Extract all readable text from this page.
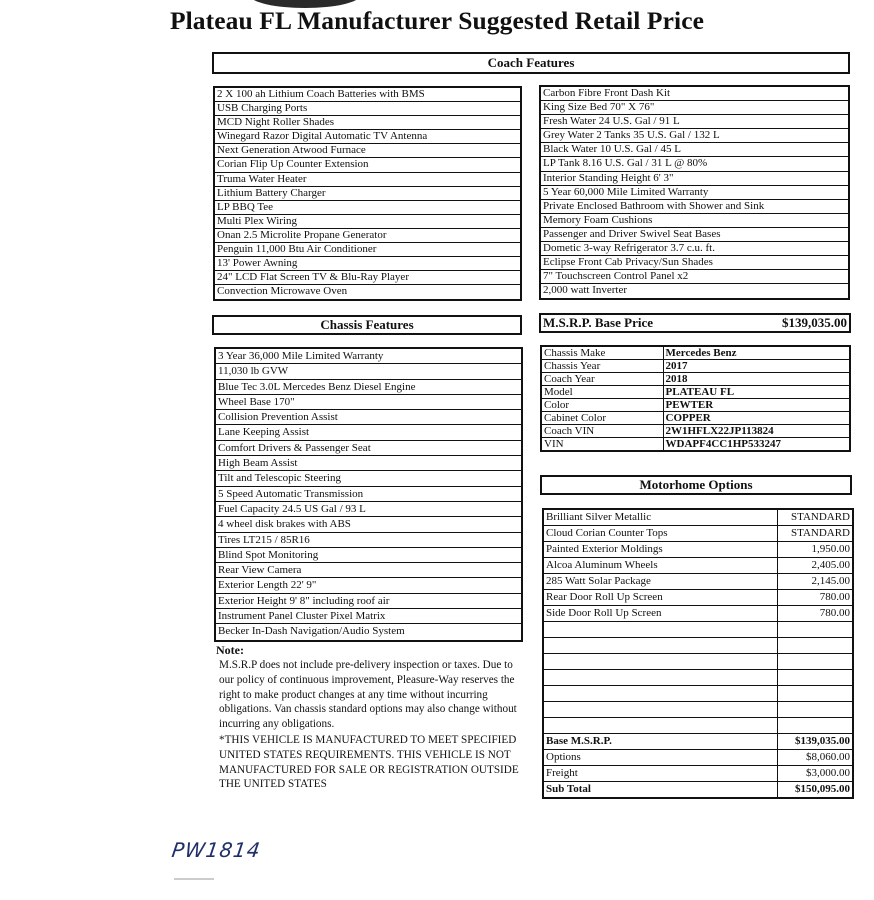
Plateau FL Manufacturer Suggested Retail Price
Coach Features
2 X 100 ah Lithium Coach Batteries with BMS
USB Charging Ports
MCD Night Roller Shades
Winegard Razor Digital Automatic TV Antenna
Next Generation Atwood Furnace
Corian Flip Up Counter Extension
Truma Water Heater
Lithium Battery Charger
LP BBQ Tee
Multi Plex Wiring
Onan 2.5 Microlite Propane Generator
Penguin 11,000 Btu Air Conditioner
13' Power Awning
24" LCD Flat Screen TV & Blu-Ray Player
Convection Microwave Oven
Carbon Fibre Front Dash Kit
King Size Bed 70" X 76"
Fresh Water 24 U.S. Gal / 91 L
Grey Water 2 Tanks 35 U.S. Gal / 132 L
Black Water 10 U.S. Gal / 45 L
LP Tank 8.16 U.S. Gal / 31 L @ 80%
Interior Standing Height 6' 3"
5 Year 60,000 Mile Limited Warranty
Private Enclosed Bathroom with Shower and Sink
Memory Foam Cushions
Passenger and Driver Swivel Seat Bases
Dometic 3-way Refrigerator 3.7 c.u. ft.
Eclipse Front Cab Privacy/Sun Shades
7" Touchscreen Control Panel x2
2,000 watt Inverter
Chassis Features	M.S.R.P. Base Price	$139,035.00
3 Year 36,000 Mile Limited Warranty
11,030 lb GVW
Blue Tec 3.0L Mercedes Benz Diesel Engine
Wheel Base 170"
Collision Prevention Assist
Lane Keeping Assist
Comfort Drivers & Passenger Seat
High Beam Assist
Tilt and Telescopic Steering
5 Speed Automatic Transmission
Fuel Capacity 24.5 US Gal / 93 L
4 wheel disk brakes with ABS
Tires LT215 / 85R16
Blind Spot Monitoring
Rear View Camera
Exterior Length 22' 9"
Exterior Height 9' 8" including roof air
Instrument Panel Cluster Pixel Matrix
Becker In-Dash Navigation/Audio System
Chassis Make	Mercedes Benz
Chassis Year	2017
Coach Year	2018
Model	PLATEAU FL
Color	PEWTER
Cabinet Color	COPPER
Coach VIN	2W1HFLX22JP113824
VIN	WDAPF4CC1HP533247
Motorhome Options
Brilliant Silver Metallic	STANDARD
Cloud Corian Counter Tops	STANDARD
Painted Exterior Moldings	1,950.00
Alcoa Aluminum Wheels	2,405.00
285 Watt Solar Package	2,145.00
Rear Door Roll Up Screen	780.00
Side Door Roll Up Screen	780.00

Base M.S.R.P.	$139,035.00
Options	$8,060.00
Freight	$3,000.00
Sub Total	$150,095.00
Note:

M.S.R.P does not include pre-delivery inspection or taxes. Due to our policy of continuous improvement, Pleasure-Way reserves the right to make product changes at any time without incurring obligations. Van chassis standard options may also change without incurring any obligations.

*THIS VEHICLE IS MANUFACTURED TO MEET SPECIFIED UNITED STATES REQUIREMENTS. THIS VEHICLE IS NOT MANUFACTURED FOR SALE OR REGISTRATION OUTSIDE THE UNITED STATES

PW1814
